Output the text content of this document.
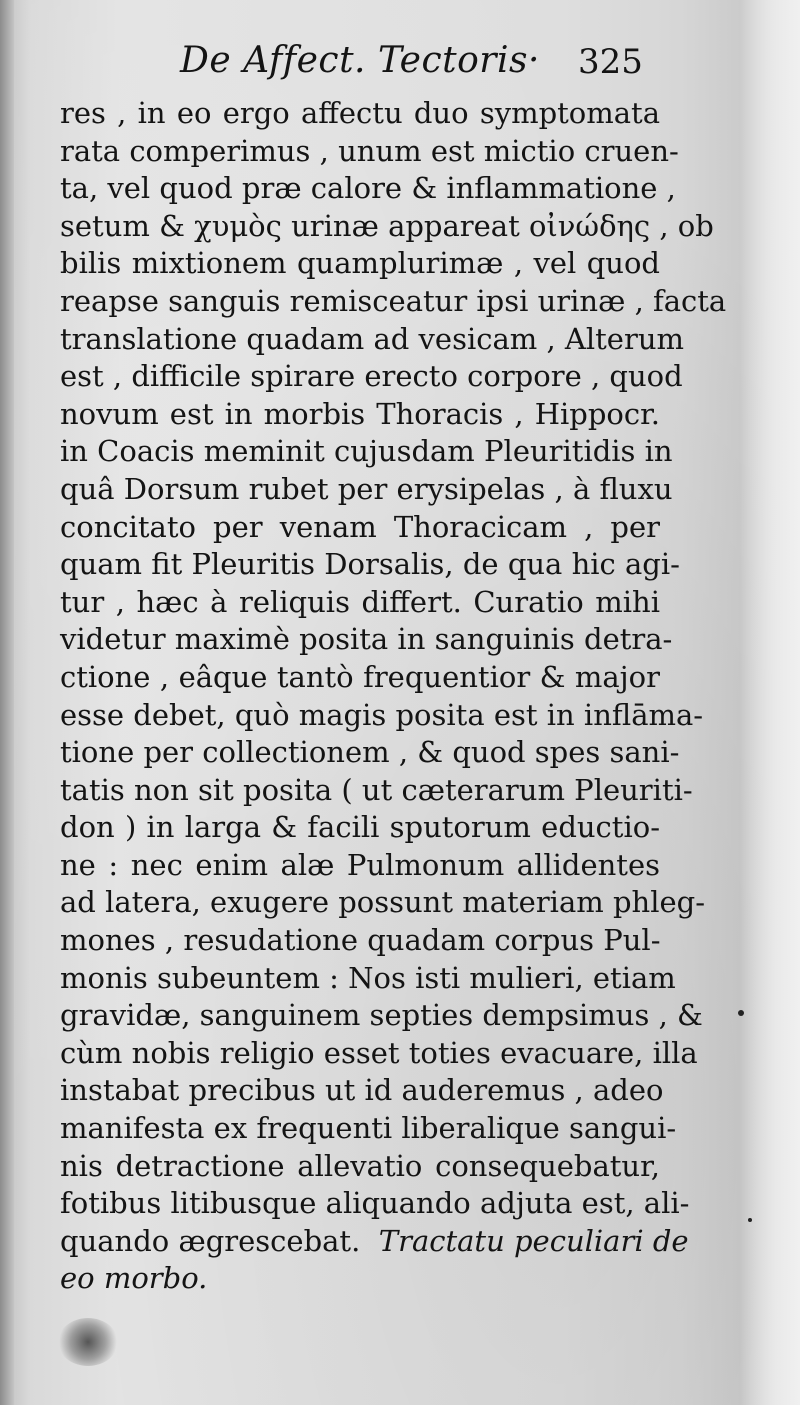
De Affect. Tectoris· 325
res , in eo ergo affectu duo symptomata
rata comperimus , unum est mictio cruen-
ta, vel quod præ calore & inflammatione ,
setum & χυμὸς urinæ appareat οἰνώδης , ob
bilis mixtionem quamplurimæ , vel quod
reapse sanguis remisceatur ipsi urinæ , facta
translatione quadam ad vesicam , Alterum
est , difficile spirare erecto corpore , quod
novum est in morbis Thoracis , Hippocr.
in Coacis meminit cujusdam Pleuritidis in
quâ Dorsum rubet per erysipelas , à fluxu
concitato per venam Thoracicam , per
quam fit Pleuritis Dorsalis, de qua hic agi-
tur , hæc à reliquis differt. Curatio mihi
videtur maximè posita in sanguinis detra-
ctione , eâque tantò frequentior & major
esse debet, quò magis posita est in inflāma-
tione per collectionem , & quod spes sani-
tatis non sit posita ( ut cæterarum Pleuriti-
don ) in larga & facili sputorum eductio-
ne : nec enim alæ Pulmonum allidentes
ad latera, exugere possunt materiam phleg-
mones , resudatione quadam corpus Pul-
monis subeuntem : Nos isti mulieri, etiam
gravidæ, sanguinem septies dempsimus , &
cùm nobis religio esset toties evacuare, illa
instabat precibus ut id auderemus , adeo
manifesta ex frequenti liberalique sangui-
nis detractione allevatio consequebatur,
fotibus litibusque aliquando adjuta est, ali-
quando ægrescebat. Tractatu peculiari de
eo morbo.
